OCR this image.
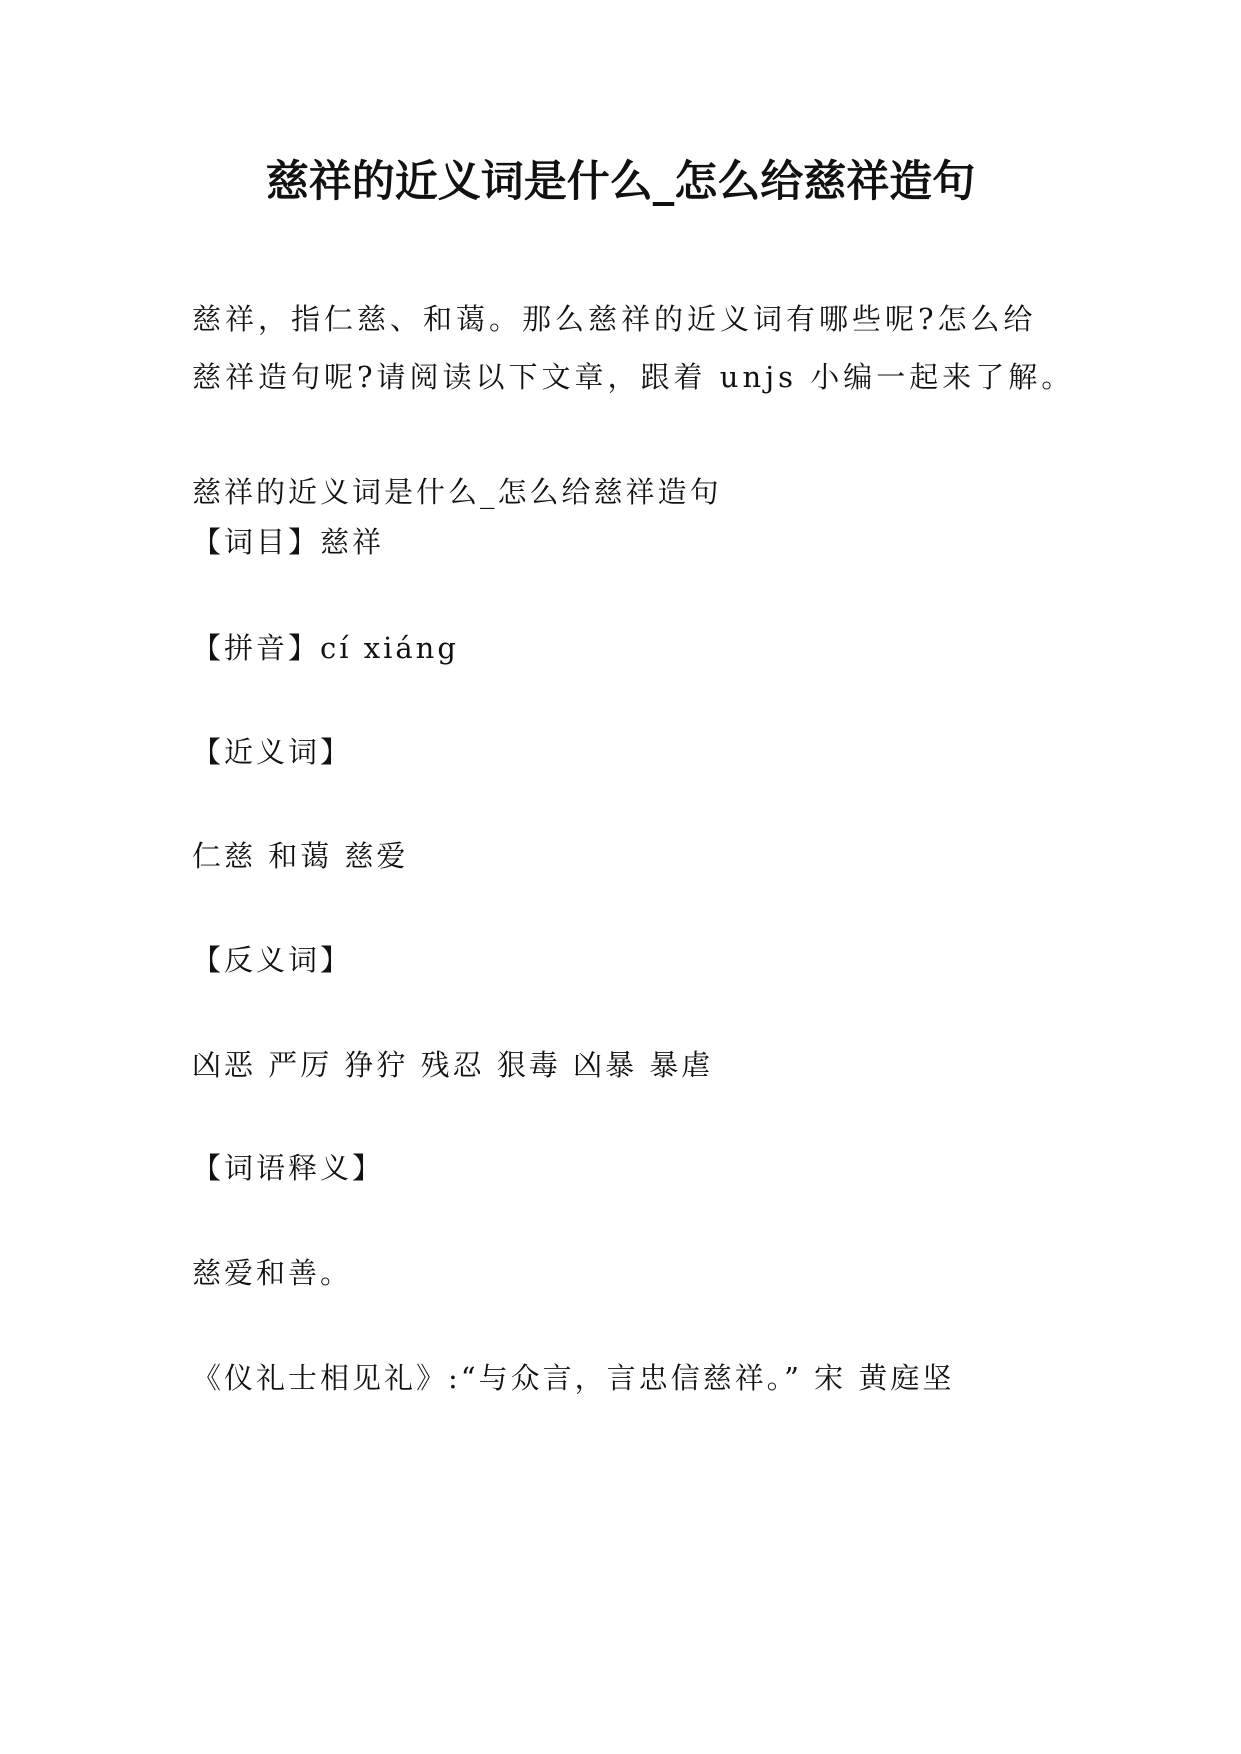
慈祥的近义词是什么_怎么给慈祥造句
慈祥，指仁慈、和蔼。那么慈祥的近义词有哪些呢?怎么给
慈祥造句呢?请阅读以下文章，跟着 unjs 小编一起来了解。
慈祥的近义词是什么_怎么给慈祥造句
【词目】慈祥
【拼音】cí xiáng
【近义词】
仁慈 和蔼 慈爱
【反义词】
凶恶 严厉 狰狞 残忍 狠毒 凶暴 暴虐
【词语释义】
慈爱和善。
《仪礼士相见礼》:“与众言，言忠信慈祥。” 宋 黄庭坚
